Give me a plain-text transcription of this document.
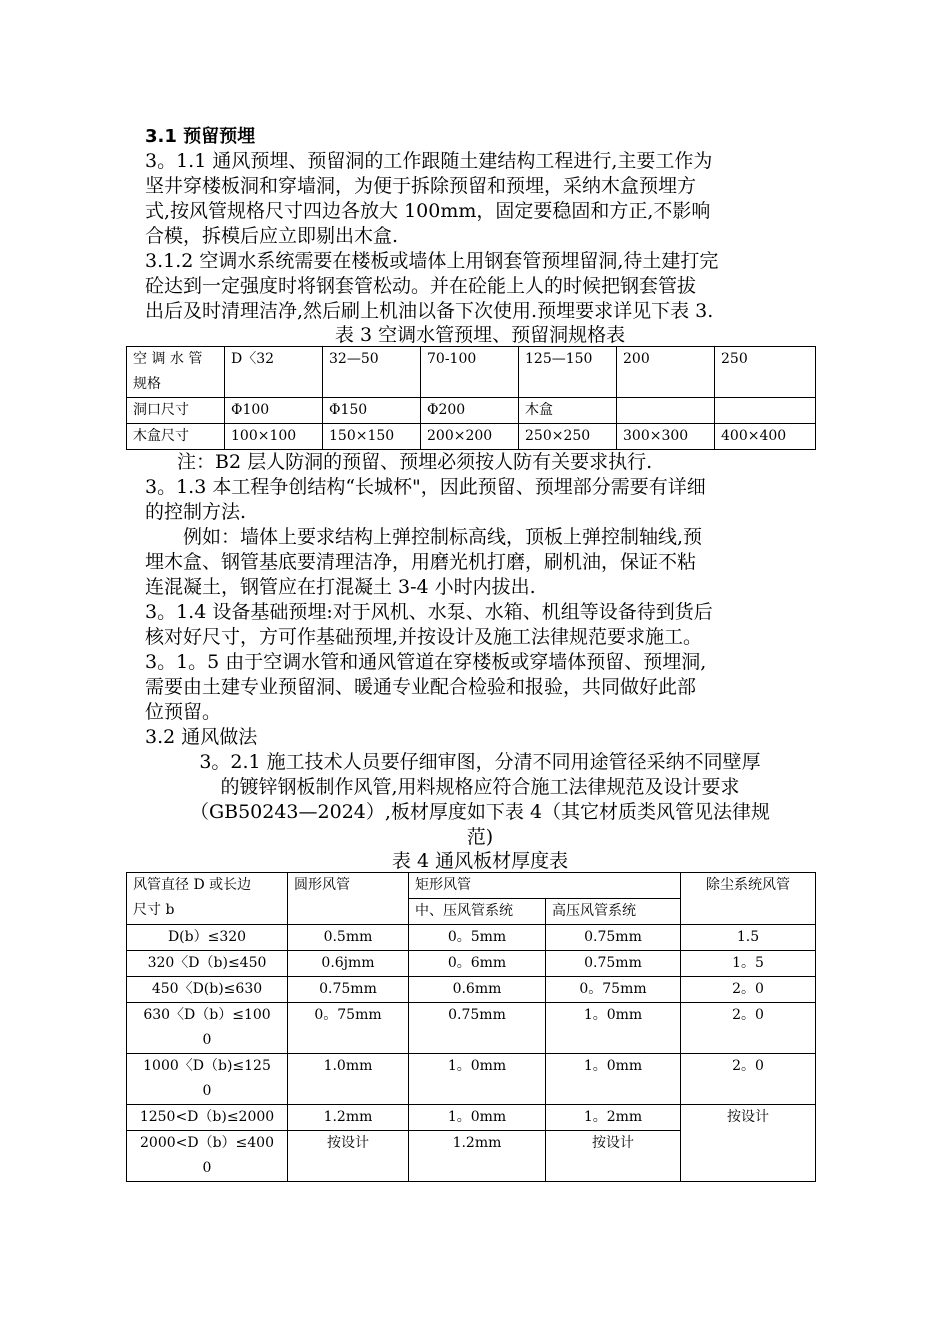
3.1 预留预埋

3。1.1 通风预埋、预留洞的工作跟随土建结构工程进行,主要工作为

坚井穿楼板洞和穿墙洞，为便于拆除预留和预埋，采纳木盒预埋方

式,按风管规格尺寸四边各放大 100mm，固定要稳固和方正,不影响

合模，拆模后应立即剔出木盒.

3.1.2 空调水系统需要在楼板或墙体上用钢套管预埋留洞,待土建打完

砼达到一定强度时将钢套管松动。并在砼能上人的时候把钢套管拔

出后及时清理洁净,然后刷上机油以备下次使用.预埋要求详见下表 3.

表 3 空调水管预埋、预留洞规格表

空 调 水 管
规格	D〈32	32—50	70-100	125—150	200	250
洞口尺寸	Φ100	Φ150	Φ200	木盒		
木盒尺寸	100×100	150×150	200×200	250×250	300×300	400×400

注：B2 层人防洞的预留、预埋必须按人防有关要求执行.

3。1.3 本工程争创结构“长城杯"，因此预留、预埋部分需要有详细

的控制方法.

例如：墙体上要求结构上弹控制标高线，顶板上弹控制轴线,预

埋木盒、钢管基底要清理洁净，用磨光机打磨，刷机油，保证不粘

连混凝土，钢管应在打混凝土 3-4 小时内拔出.

3。1.4 设备基础预埋:对于风机、水泵、水箱、机组等设备待到货后

核对好尺寸，方可作基础预埋,并按设计及施工法律规范要求施工。

3。1。5 由于空调水管和通风管道在穿楼板或穿墙体预留、预埋洞,

需要由土建专业预留洞、暖通专业配合检验和报验，共同做好此部

位预留。

3.2 通风做法

3。2.1 施工技术人员要仔细审图，分清不同用途管径采纳不同壁厚

的镀锌钢板制作风管,用料规格应符合施工法律规范及设计要求

（GB50243—2024）,板材厚度如下表 4（其它材质类风管见法律规

范)

表 4 通风板材厚度表

风管直径 D 或长边
尺寸 b	圆形风管	矩形风管		除尘系统风管
		中、压风管系统	高压风管系统	

D(b）≤320	0.5mm	0。5mm	0.75mm	1.5

320〈D（b)≤450	0.6jmm	0。6mm	0.75mm	1。5

450〈D(b)≤630	0.75mm	0.6mm	0。75mm	2。0

630〈D（b）≤100
0	0。75mm	0.75mm	1。0mm	2。0

1000〈D（b)≤125
0	1.0mm	1。0mm	1。0mm	2。0

1250<D（b)≤2000	1.2mm	1。0mm	1。2mm	按设计

2000<D（b）≤400
0	按设计	1.2mm	按设计	
